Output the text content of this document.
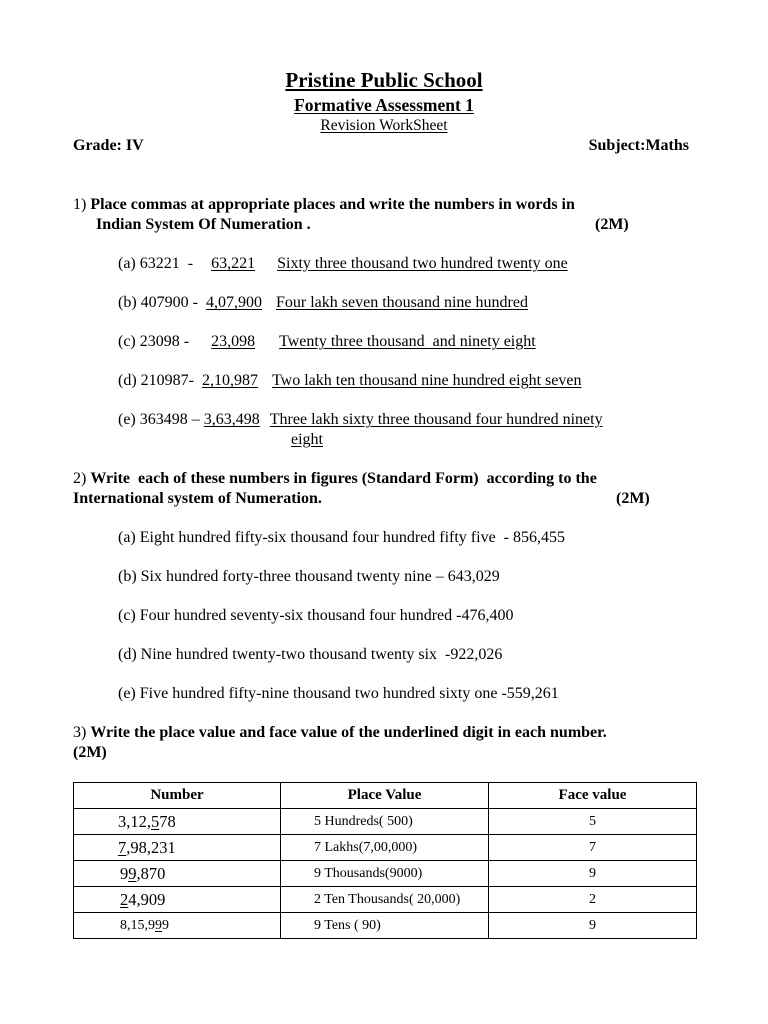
Pristine Public School
Formative Assessment 1
Revision WorkSheet
Grade: IV	Subject:Maths
1) Place commas at appropriate places and write the numbers in words in
Indian System Of Numeration .	(2M)
(a) 63221  -  63,221 Sixty three thousand two hundred twenty one
(b) 407900 -  4,07,900 Four lakh seven thousand nine hundred
(c) 23098 -  23,098 Twenty three thousand  and ninety eight
(d) 210987- 2,10,987 Two lakh ten thousand nine hundred eight seven
(e) 363498 – 3,63,498 Three lakh sixty three thousand four hundred ninety
eight
2) Write  each of these numbers in figures (Standard Form)  according to the
International system of Numeration.	(2M)
(a) Eight hundred fifty-six thousand four hundred fifty five  - 856,455
(b) Six hundred forty-three thousand twenty nine – 643,029
(c) Four hundred seventy-six thousand four hundred -476,400
(d) Nine hundred twenty-two thousand twenty six  -922,026
(e) Five hundred fifty-nine thousand two hundred sixty one -559,261
3) Write the place value and face value of the underlined digit in each number.
(2M)
Number	Place Value	Face value
3,12,578	5 Hundreds( 500)	5
7,98,231	7 Lakhs(7,00,000)	7
99,870	9 Thousands(9000)	9
24,909	2 Ten Thousands( 20,000)	2
8,15,999	9 Tens ( 90)	9
